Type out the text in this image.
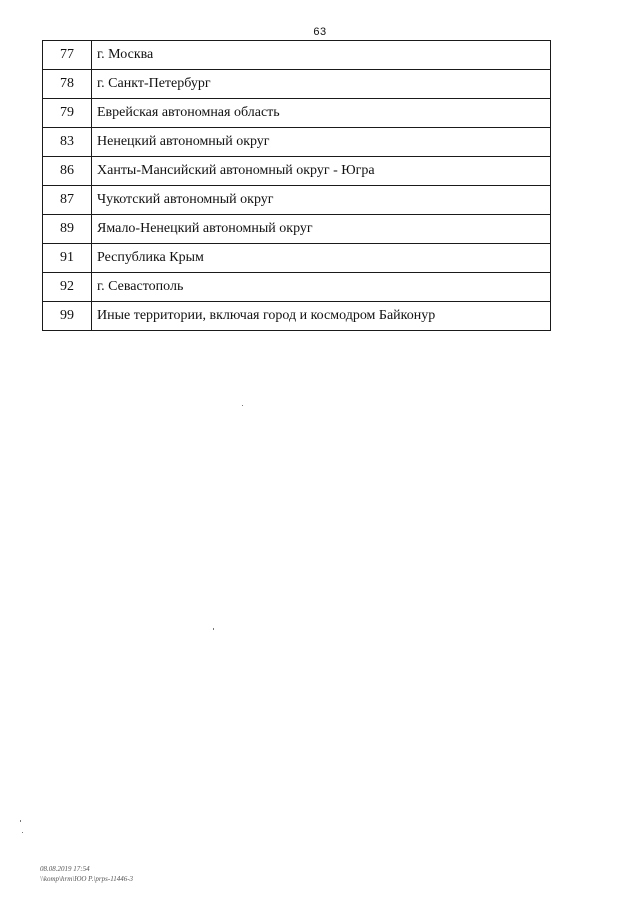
63
77	г. Москва
78	г. Санкт-Петербург
79	Еврейская автономная область
83	Ненецкий автономный округ
86	Ханты-Мансийский автономный округ - Югра
87	Чукотский автономный округ
89	Ямало-Ненецкий автономный округ
91	Республика Крым
92	г. Севастополь
99	Иные территории, включая город и космодром Байконур
08.08.2019 17:54
\\komp\hrm\ЮО Р.\prps-11446-3
